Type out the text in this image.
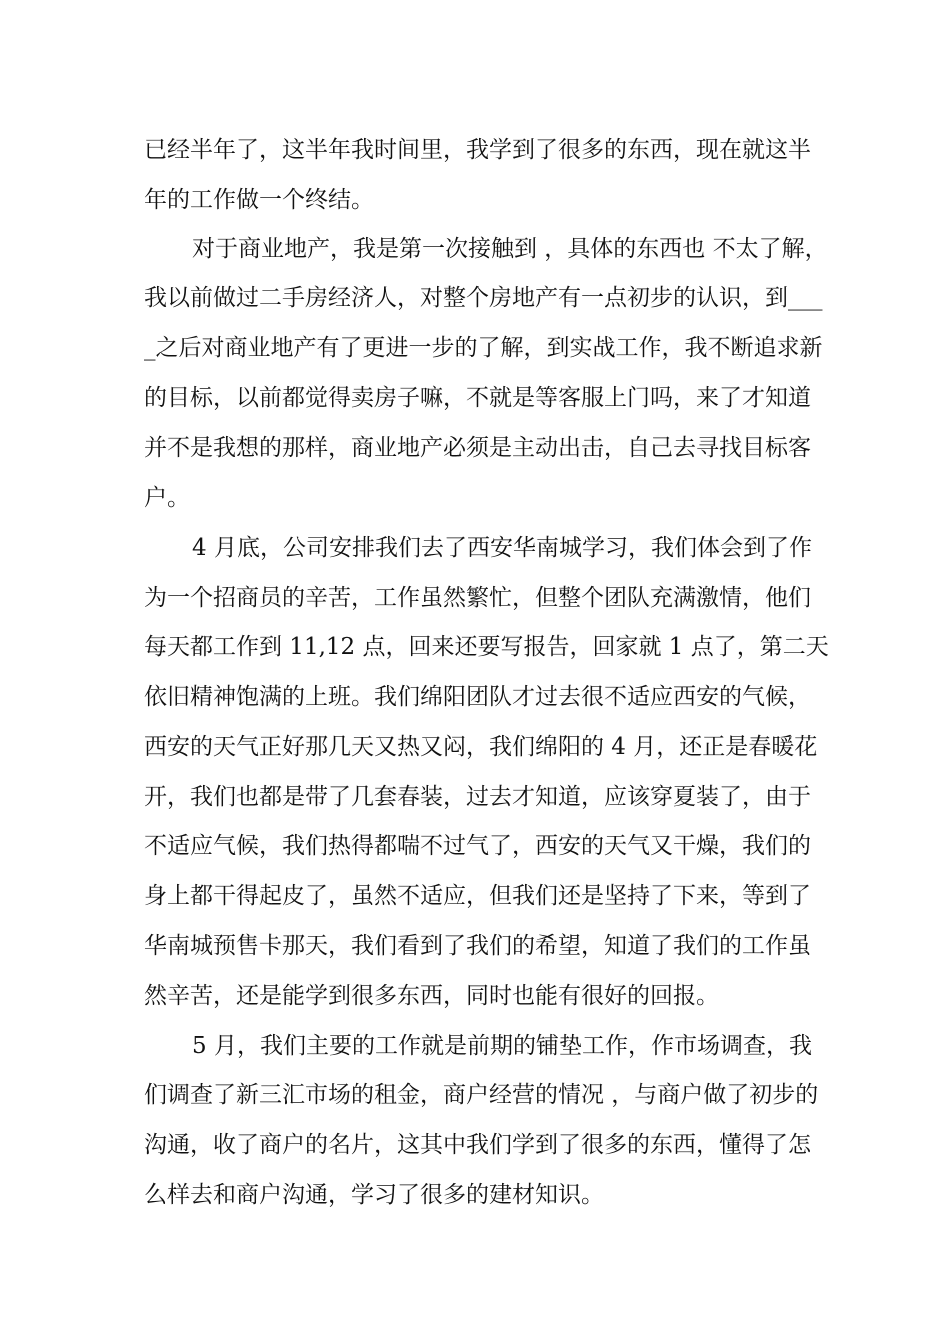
已经半年了，这半年我时间里，我学到了很多的东西，现在就这半
年的工作做一个终结。
对于商业地产，我是第一次接触到 ，具体的东西也 不太了解，
我以前做过二手房经济人，对整个房地产有一点初步的认识，到___
_之后对商业地产有了更进一步的了解，到实战工作，我不断追求新
的目标，以前都觉得卖房子嘛，不就是等客服上门吗，来了才知道
并不是我想的那样，商业地产必须是主动出击，自己去寻找目标客
户。
4 月底，公司安排我们去了西安华南城学习，我们体会到了作
为一个招商员的辛苦，工作虽然繁忙，但整个团队充满激情，他们
每天都工作到 11,12 点，回来还要写报告，回家就 1 点了，第二天
依旧精神饱满的上班。我们绵阳团队才过去很不适应西安的气候，
西安的天气正好那几天又热又闷，我们绵阳的 4 月，还正是春暖花
开，我们也都是带了几套春装，过去才知道，应该穿夏装了，由于
不适应气候，我们热得都喘不过气了，西安的天气又干燥，我们的
身上都干得起皮了，虽然不适应，但我们还是坚持了下来，等到了
华南城预售卡那天，我们看到了我们的希望，知道了我们的工作虽
然辛苦，还是能学到很多东西，同时也能有很好的回报。
5 月，我们主要的工作就是前期的铺垫工作，作市场调查，我
们调查了新三汇市场的租金，商户经营的情况 ，与商户做了初步的
沟通，收了商户的名片，这其中我们学到了很多的东西，懂得了怎
么样去和商户沟通，学习了很多的建材知识。
